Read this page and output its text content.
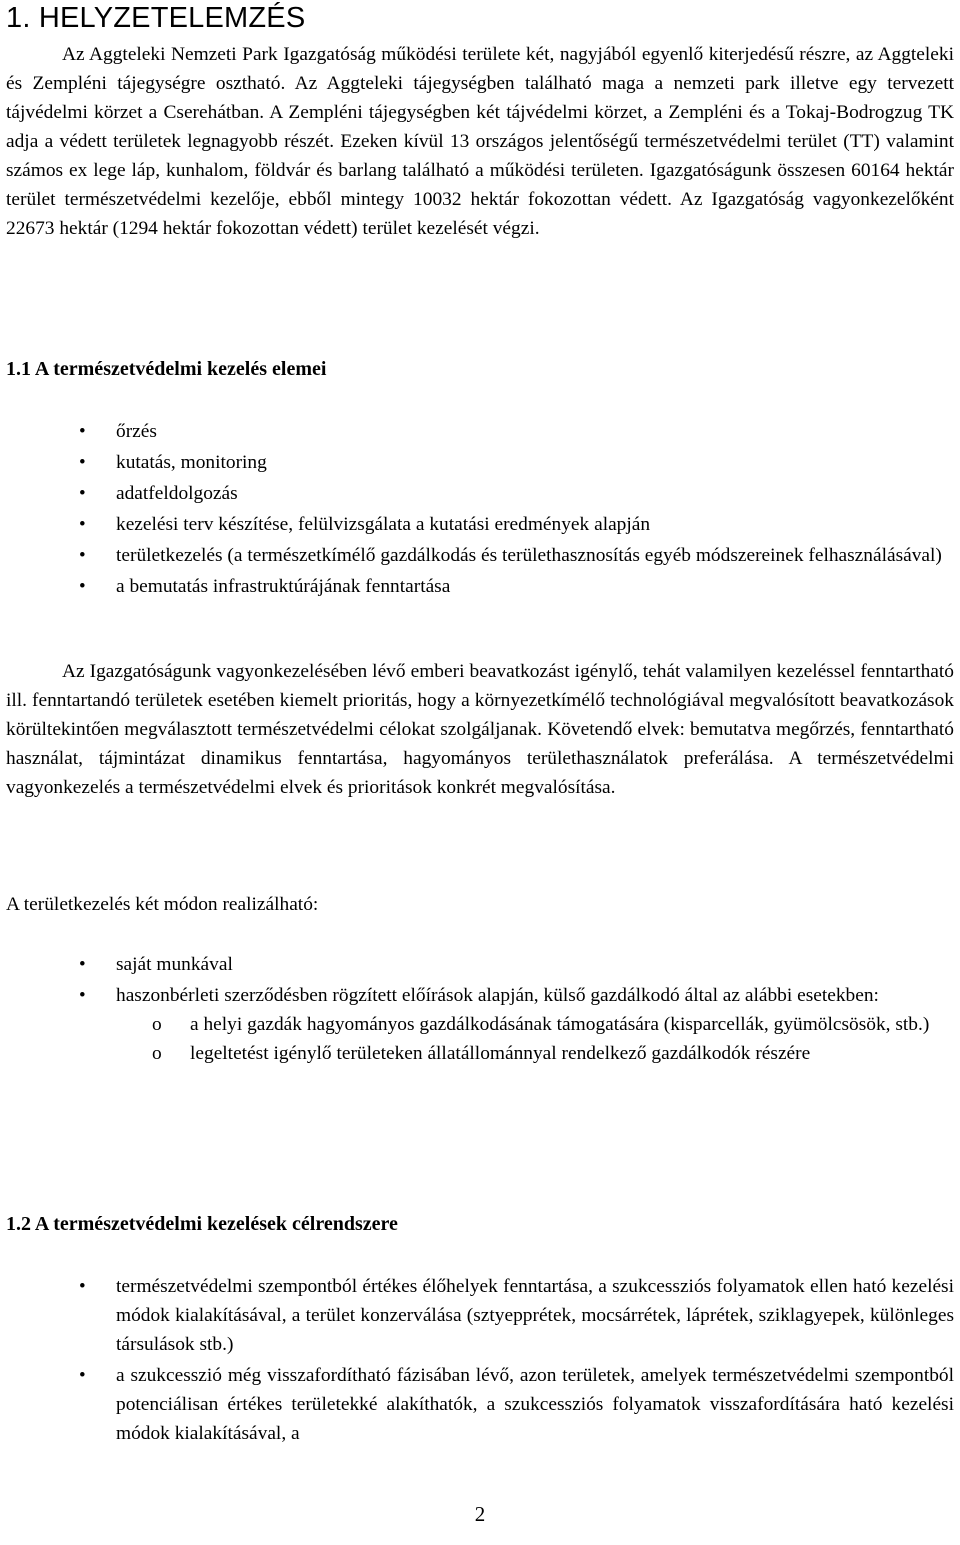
1. HELYZETELEMZÉS

Az Aggteleki Nemzeti Park Igazgatóság működési területe két, nagyjából egyenlő kiterjedésű részre, az Aggteleki és Zempléni tájegységre osztható. Az Aggteleki tájegységben található maga a nemzeti park illetve egy tervezett tájvédelmi körzet a Cserehátban. A Zempléni tájegységben két tájvédelmi körzet, a Zempléni és a Tokaj-Bodrogzug TK adja a védett területek legnagyobb részét. Ezeken kívül 13 országos jelentőségű természetvédelmi terület (TT) valamint számos ex lege láp, kunhalom, földvár és barlang található a működési területen. Igazgatóságunk összesen 60164 hektár terület természetvédelmi kezelője, ebből mintegy 10032 hektár fokozottan védett. Az Igazgatóság vagyonkezelőként 22673 hektár (1294 hektár fokozottan védett) terület kezelését végzi.

1.1 A természetvédelmi kezelés elemei
• őrzés
• kutatás, monitoring
• adatfeldolgozás
• kezelési terv készítése, felülvizsgálata a kutatási eredmények alapján
• területkezelés (a természetkímélő gazdálkodás és területhasznosítás egyéb módszereinek felhasználásával)
• a bemutatás infrastruktúrájának fenntartása

Az Igazgatóságunk vagyonkezelésében lévő emberi beavatkozást igénylő, tehát valamilyen kezeléssel fenntartható ill. fenntartandó területek esetében kiemelt prioritás, hogy a környezetkímélő technológiával megvalósított beavatkozások körültekintően megválasztott természetvédelmi célokat szolgáljanak. Követendő elvek: bemutatva megőrzés, fenntartható használat, tájmintázat dinamikus fenntartása, hagyományos területhasználatok preferálása. A természetvédelmi vagyonkezelés a természetvédelmi elvek és prioritások konkrét megvalósítása.

A területkezelés két módon realizálható:

• saját munkával
• haszonbérleti szerződésben rögzített előírások alapján, külső gazdálkodó által az alábbi esetekben:
o a helyi gazdák hagyományos gazdálkodásának támogatására (kisparcellák, gyümölcsösök, stb.)
o legeltetést igénylő területeken állatállománnyal rendelkező gazdálkodók részére
1.2 A természetvédelmi kezelések célrendszere
• természetvédelmi szempontból értékes élőhelyek fenntartása, a szukcessziós folyamatok ellen ható kezelési módok kialakításával, a terület konzerválása (sztyepprétek, mocsárrétek, láprétek, sziklagyepek, különleges társulások stb.)
• a szukcesszió még visszafordítható fázisában lévő, azon területek, amelyek természetvédelmi szempontból potenciálisan értékes területekké alakíthatók, a szukcessziós folyamatok visszafordítására ható kezelési módok kialakításával, a
2
